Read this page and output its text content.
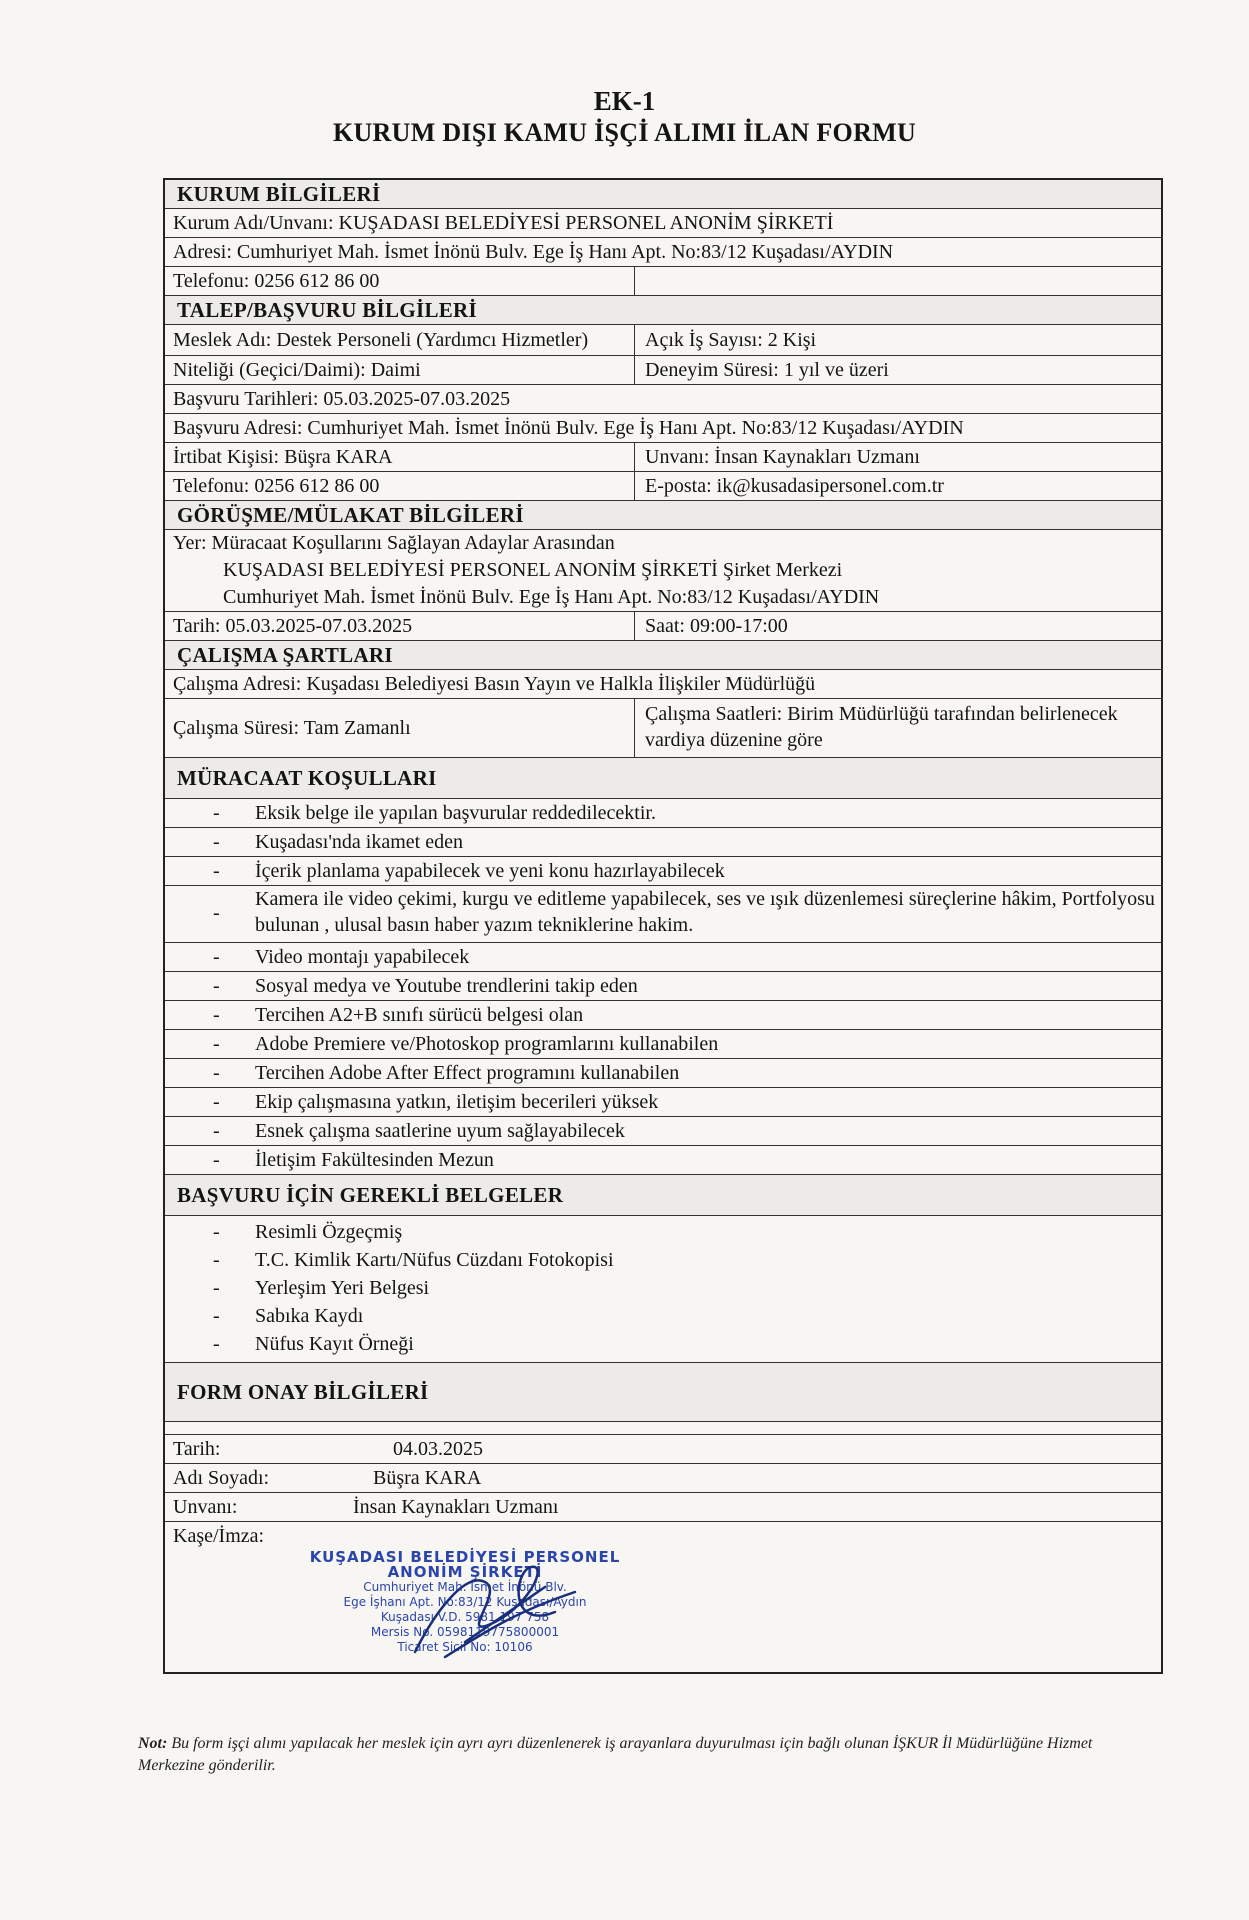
EK-1
KURUM DIŞI KAMU İŞÇİ ALIMI İLAN FORMU
KURUM BİLGİLERİ
Kurum Adı/Unvanı: KUŞADASI BELEDİYESİ PERSONEL ANONİM ŞİRKETİ
Adresi: Cumhuriyet Mah. İsmet İnönü Bulv. Ege İş Hanı Apt. No:83/12 Kuşadası/AYDIN
Telefonu: 0256 612 86 00
TALEP/BAŞVURU BİLGİLERİ
Meslek Adı: Destek Personeli (Yardımcı Hizmetler)	Açık İş Sayısı: 2 Kişi
Niteliği (Geçici/Daimi): Daimi	Deneyim Süresi: 1 yıl ve üzeri
Başvuru Tarihleri: 05.03.2025-07.03.2025
Başvuru Adresi: Cumhuriyet Mah. İsmet İnönü Bulv. Ege İş Hanı Apt. No:83/12 Kuşadası/AYDIN
İrtibat Kişisi: Büşra KARA	Unvanı: İnsan Kaynakları Uzmanı
Telefonu: 0256 612 86 00	E-posta: ik@kusadasipersonel.com.tr
GÖRÜŞME/MÜLAKAT BİLGİLERİ
Yer: Müracaat Koşullarını Sağlayan Adaylar Arasından
KUŞADASI BELEDİYESİ PERSONEL ANONİM ŞİRKETİ Şirket Merkezi
Cumhuriyet Mah. İsmet İnönü Bulv. Ege İş Hanı Apt. No:83/12 Kuşadası/AYDIN
Tarih: 05.03.2025-07.03.2025	Saat: 09:00-17:00
ÇALIŞMA ŞARTLARI
Çalışma Adresi: Kuşadası Belediyesi Basın Yayın ve Halkla İlişkiler Müdürlüğü
Çalışma Süresi: Tam Zamanlı
Çalışma Saatleri: Birim Müdürlüğü tarafından belirlenecek vardiya düzenine göre
MÜRACAAT KOŞULLARI
-	Eksik belge ile yapılan başvurular reddedilecektir.
-	Kuşadası'nda ikamet eden
-	İçerik planlama yapabilecek ve yeni konu hazırlayabilecek
-
Kamera ile video çekimi, kurgu ve editleme yapabilecek, ses ve ışık düzenlemesi süreçlerine hâkim, Portfolyosu bulunan , ulusal basın haber yazım tekniklerine hakim.
-	Video montajı yapabilecek
-	Sosyal medya ve Youtube trendlerini takip eden
-	Tercihen A2+B sınıfı sürücü belgesi olan
-	Adobe Premiere ve/Photoskop programlarını kullanabilen
-	Tercihen Adobe After Effect programını kullanabilen
-	Ekip çalışmasına yatkın, iletişim becerileri yüksek
-	Esnek çalışma saatlerine uyum sağlayabilecek
-	İletişim Fakültesinden Mezun
BAŞVURU İÇİN GEREKLİ BELGELER
-	Resimli Özgeçmiş
-	T.C. Kimlik Kartı/Nüfus Cüzdanı Fotokopisi
-	Yerleşim Yeri Belgesi
-	Sabıka Kaydı
-	Nüfus Kayıt Örneği
FORM ONAY BİLGİLERİ
Tarih:	04.03.2025
Adı Soyadı:	Büşra KARA
Unvanı:	İnsan Kaynakları Uzmanı
Kaşe/İmza:
KUŞADASI BELEDİYESİ PERSONEL
ANONİM ŞİRKETİ
Cumhuriyet Mah. İsmet İnönü Blv.
Ege İşhanı Apt. No:83/12 Kuşadası/Aydın
Kuşadası V.D. 5981 197 758
Mersis No. 0598119775800001
Ticaret Sicil No: 10106
Not: Bu form işçi alımı yapılacak her meslek için ayrı ayrı düzenlenerek iş arayanlara duyurulması için bağlı olunan İŞKUR İl Müdürlüğüne Hizmet Merkezine gönderilir.
